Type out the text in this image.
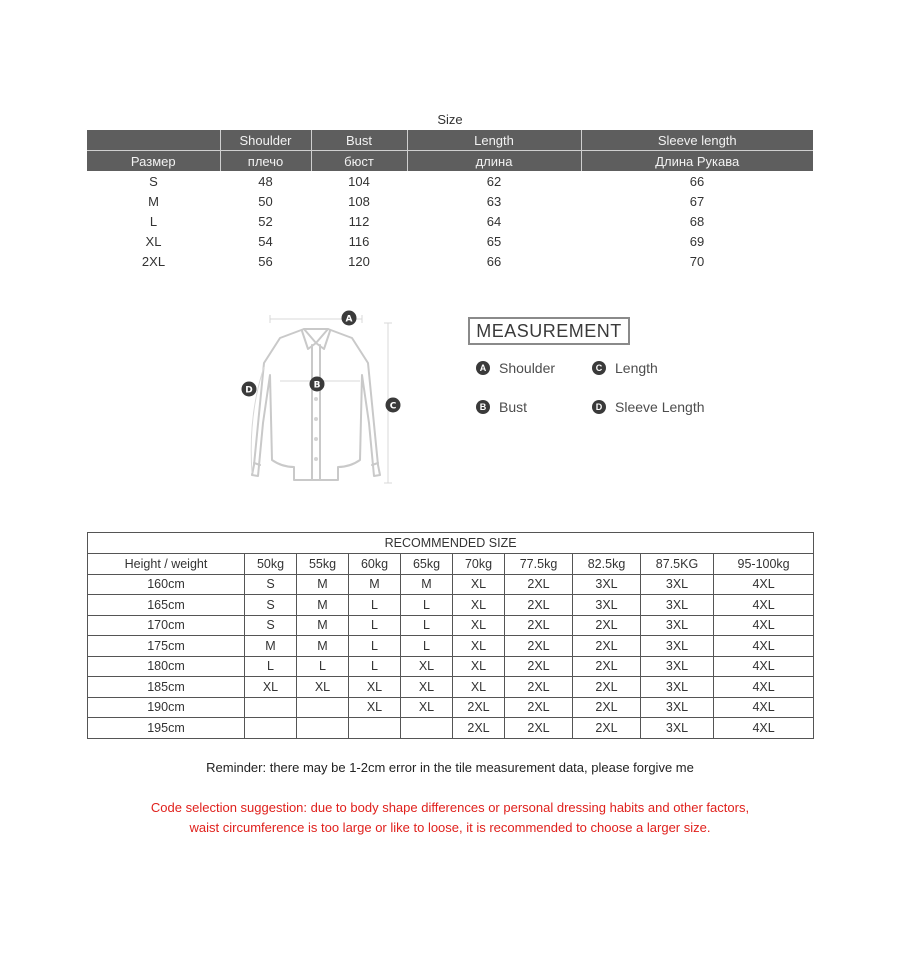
Size
	Shoulder	Bust	Length	Sleeve length
Размер	плечо	бюст	длина	Длина Рукава
S	48	104	62	66
M	50	108	63	67
L	52	112	64	68
XL	54	116	65	69
2XL	56	120	66	70
A
B
C
D
MEASUREMENT
A Shoulder	C Length
B Bust	D Sleeve Length
RECOMMENDED SIZE									
Height / weight	50kg	55kg	60kg	65kg	70kg	77.5kg	82.5kg	87.5KG	95-100kg
160cm	S	M	M	M	XL	2XL	3XL	3XL	4XL
165cm	S	M	L	L	XL	2XL	3XL	3XL	4XL
170cm	S	M	L	L	XL	2XL	2XL	3XL	4XL
175cm	M	M	L	L	XL	2XL	2XL	3XL	4XL
180cm	L	L	L	XL	XL	2XL	2XL	3XL	4XL
185cm	XL	XL	XL	XL	XL	2XL	2XL	3XL	4XL
190cm			XL	XL	2XL	2XL	2XL	3XL	4XL
195cm					2XL	2XL	2XL	3XL	4XL
Reminder: there may be 1-2cm error in the tile measurement data, please forgive me
Code selection suggestion: due to body shape differences or personal dressing habits and other factors, waist circumference is too large or like to loose, it is recommended to choose a larger size.
